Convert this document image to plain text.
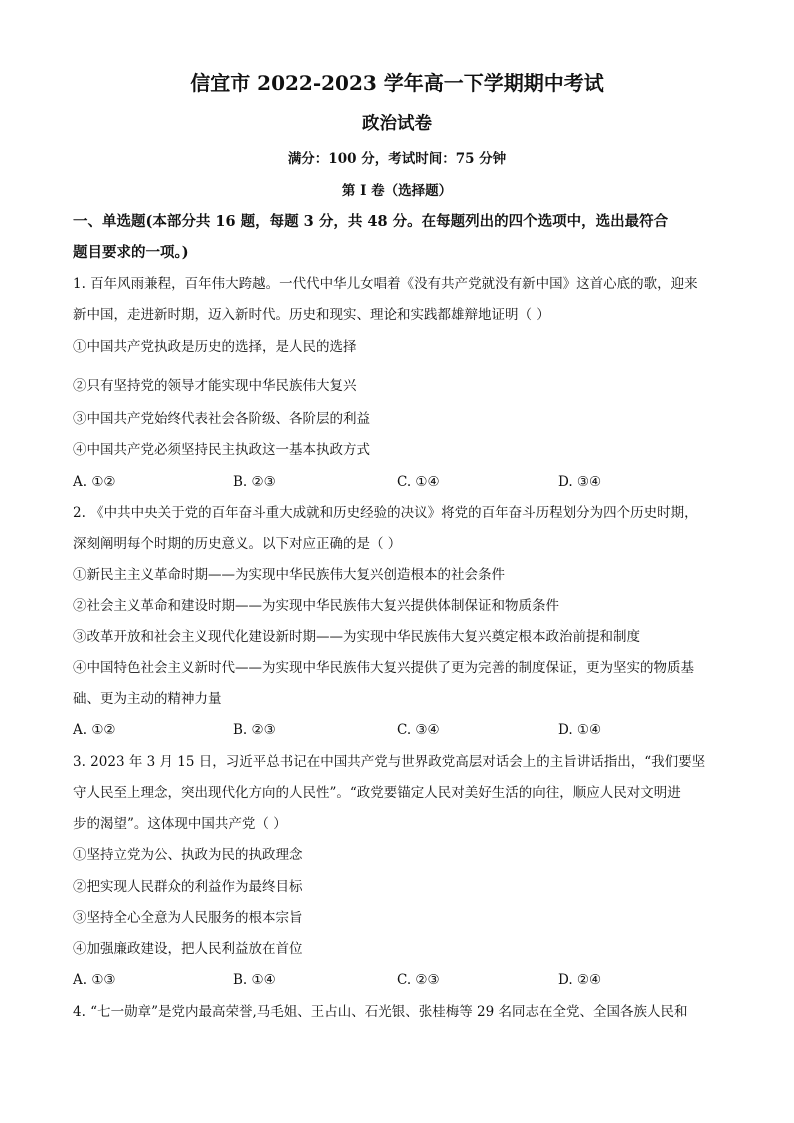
信宜市 2022-2023 学年高一下学期期中考试
政治试卷
满分：100 分，考试时间：75 分钟
第 I 卷（选择题）
一、单选题(本部分共 16 题，每题 3 分，共 48 分。在每题列出的四个选项中，选出最符合
题目要求的一项。)
1. 百年风雨兼程，百年伟大跨越。一代代中华儿女唱着《没有共产党就没有新中国》这首心底的歌，迎来
新中国，走进新时期，迈入新时代。历史和现实、理论和实践都雄辩地证明（ ）
①中国共产党执政是历史的选择，是人民的选择
②只有坚持党的领导才能实现中华民族伟大复兴
③中国共产党始终代表社会各阶级、各阶层的利益
④中国共产党必须坚持民主执政这一基本执政方式
A. ①②	B. ②③	C. ①④	D. ③④
2. 《中共中央关于党的百年奋斗重大成就和历史经验的决议》将党的百年奋斗历程划分为四个历史时期，
深刻阐明每个时期的历史意义。以下对应正确的是（ ）
①新民主主义革命时期——为实现中华民族伟大复兴创造根本的社会条件
②社会主义革命和建设时期——为实现中华民族伟大复兴提供体制保证和物质条件
③改革开放和社会主义现代化建设新时期——为实现中华民族伟大复兴奠定根本政治前提和制度
④中国特色社会主义新时代——为实现中华民族伟大复兴提供了更为完善的制度保证，更为坚实的物质基
础、更为主动的精神力量
A. ①②	B. ②③	C. ③④	D. ①④
3. 2023 年 3 月 15 日，习近平总书记在中国共产党与世界政党高层对话会上的主旨讲话指出，“我们要坚
守人民至上理念，突出现代化方向的人民性”。“政党要锚定人民对美好生活的向往，顺应人民对文明进
步的渴望”。这体现中国共产党（ ）
①坚持立党为公、执政为民的执政理念
②把实现人民群众的利益作为最终目标
③坚持全心全意为人民服务的根本宗旨
④加强廉政建设，把人民利益放在首位
A. ①③	B. ①④	C. ②③	D. ②④
4. “七一勋章”是党内最高荣誉,马毛姐、王占山、石光银、张桂梅等 29 名同志在全党、全国各族人民和
